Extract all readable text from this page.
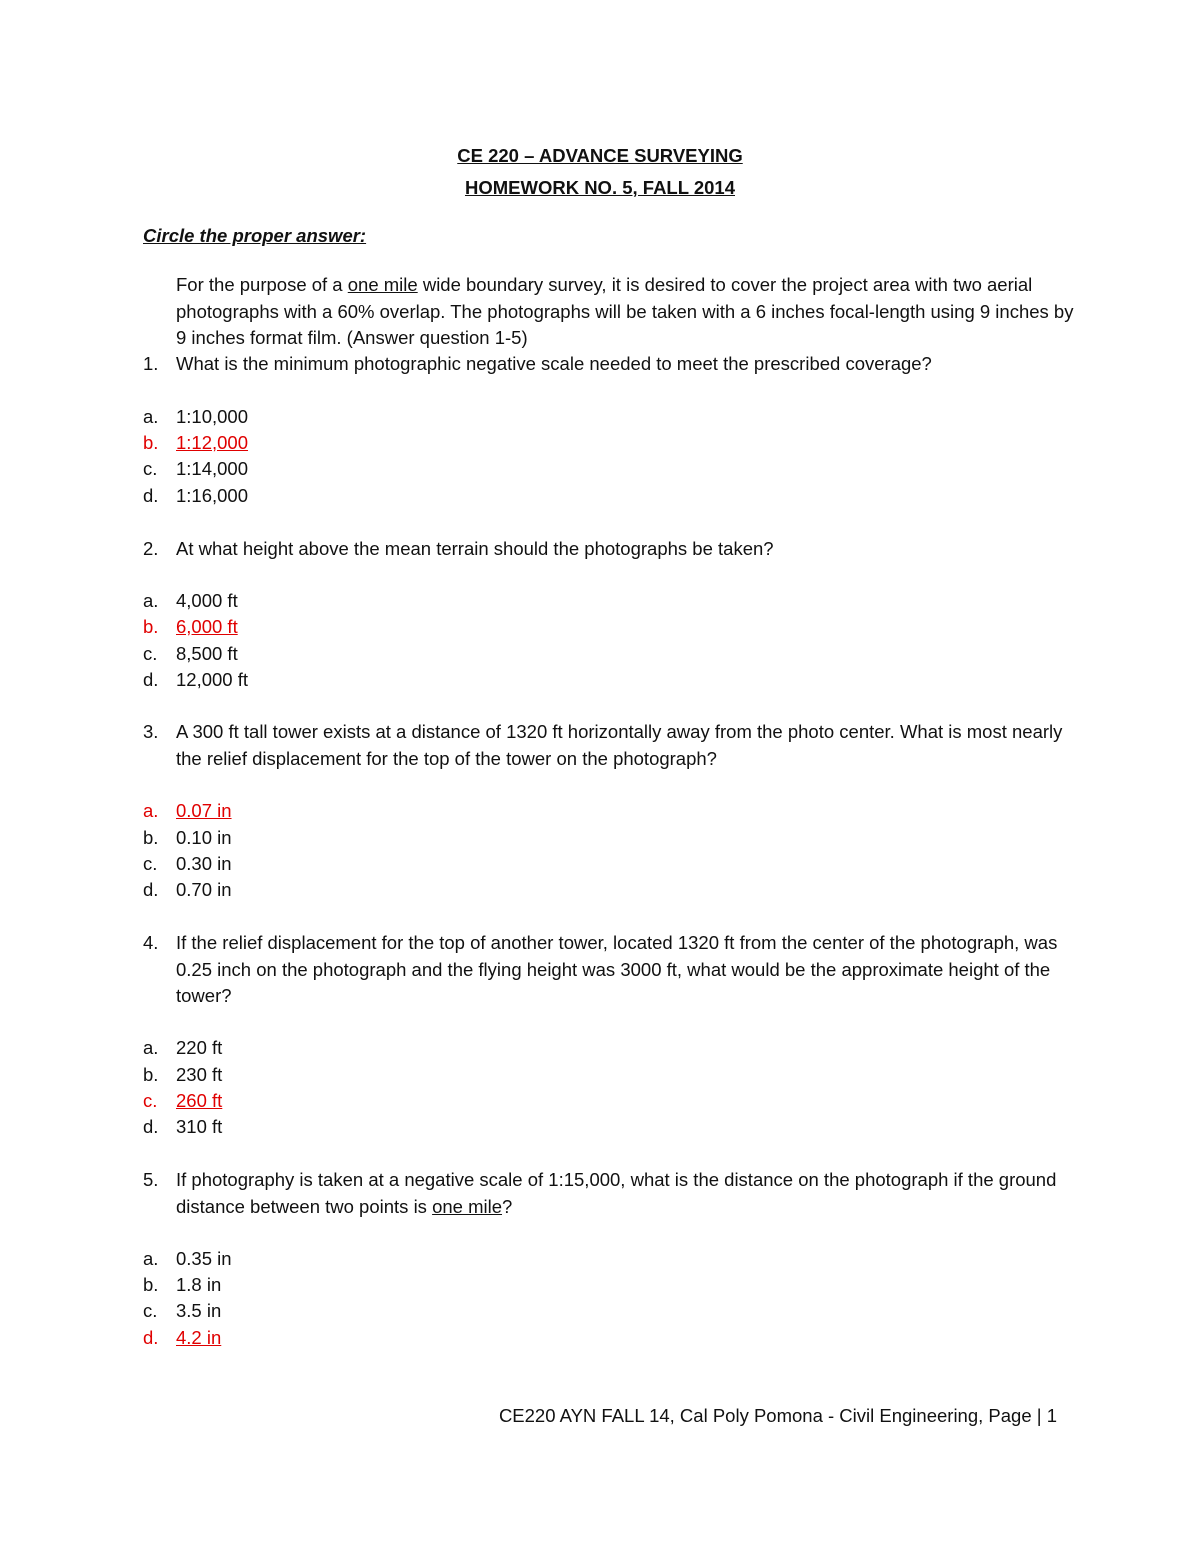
CE 220 – ADVANCE SURVEYING
HOMEWORK NO. 5, FALL 2014
Circle the proper answer:
For the purpose of a one mile wide boundary survey, it is desired to cover the project area with two aerial photographs with a 60% overlap. The photographs will be taken with a 6 inches focal-length using 9 inches by 9 inches format film. (Answer question 1-5)
1. What is the minimum photographic negative scale needed to meet the prescribed coverage?
a. 1:10,000
b. 1:12,000
c.	1:14,000
d. 1:16,000
2. At what height above the mean terrain should the photographs be taken?
a. 4,000 ft
b. 6,000 ft
c.	8,500 ft
d. 12,000 ft
3. A 300 ft tall tower exists at a distance of 1320 ft horizontally away from the photo center. What is most nearly the relief displacement for the top of the tower on the photograph?
a. 0.07 in
b. 0.10 in
c.	0.30 in
d. 0.70 in
4. If the relief displacement for the top of another tower, located 1320 ft from the center of the photograph, was 0.25 inch on the photograph and the flying height was 3000 ft, what would be the approximate height of the tower?
a. 220 ft
b. 230 ft
c.	260 ft
d. 310 ft
5. If photography is taken at a negative scale of 1:15,000, what is the distance on the photograph if the ground distance between two points is one mile?
a. 0.35 in
b. 1.8 in
c.	3.5 in
d. 4.2 in
CE220 AYN FALL 14, Cal Poly Pomona - Civil Engineering, Page | 1
